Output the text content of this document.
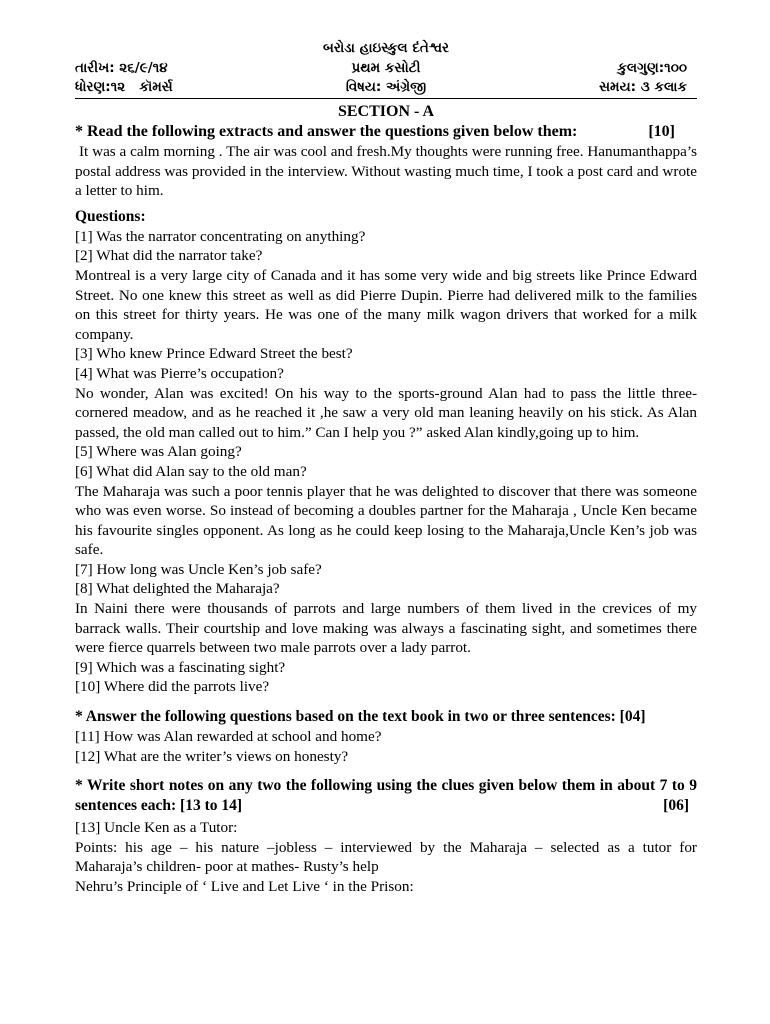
બરોડા હાઇસ્કુલ દંતેશ્વર
તારીખ: ૨૬/૯/૧૪	પ્રથમ કસોટી	કુલગુણ:૧૦૦
ધોરણ:૧૨   કૉમર્સ	વિષય: અંગ્રેજી	સમય: ૩ કલાક
SECTION - A
* Read the following extracts and answer the questions given below them:	[10]

It was a calm morning . The air was cool and fresh.My thoughts were running free. Hanumanthappa’s postal address was provided in the interview. Without wasting much time, I took a post card and wrote a letter to him.

Questions:
[1] Was the narrator concentrating on anything?
[2] What did the narrator take?

Montreal is a very large city of Canada and it has some very wide and big streets like Prince Edward Street. No one knew this street as well as did Pierre Dupin. Pierre had delivered milk to the families on this street for thirty years. He was one of the many milk wagon drivers that worked for a milk company.

[3] Who knew Prince Edward Street the best?
[4] What was Pierre’s occupation?

No wonder, Alan was excited! On his way to the sports-ground Alan had to pass the little three-cornered meadow, and as he reached it ,he saw a very old man leaning heavily on his stick. As Alan passed, the old man called out to him.” Can I help you ?” asked Alan kindly,going up to him.

[5] Where was Alan going?
[6] What did Alan say to the old man?

The Maharaja was such a poor tennis player that he was delighted to discover that there was someone who was even worse. So instead of becoming a doubles partner for the Maharaja , Uncle Ken became his favourite singles opponent. As long as he could keep losing to the Maharaja,Uncle Ken’s job was safe.

[7] How long was Uncle Ken’s job safe?
[8] What delighted the Maharaja?

In Naini there were thousands of parrots and large numbers of them lived in the crevices of my barrack walls. Their courtship and love making was always a fascinating sight, and sometimes there were fierce quarrels between two male parrots over a lady parrot.

[9] Which was a fascinating sight?
[10] Where did the parrots live?
* Answer the following questions based on the text book in two or three sentences: [04]
[11] How was Alan rewarded at school and home?
[12] What are the writer’s views on honesty?
* Write short notes on any two the following using the clues given below them in about 7 to 9 sentences each: [13 to 14]	[06]
[13] Uncle Ken as a Tutor:

Points: his age – his nature –jobless – interviewed by the Maharaja – selected as a tutor for Maharaja’s children- poor at mathes- Rusty’s help

Nehru’s Principle of ‘ Live and Let Live ‘ in the Prison:
